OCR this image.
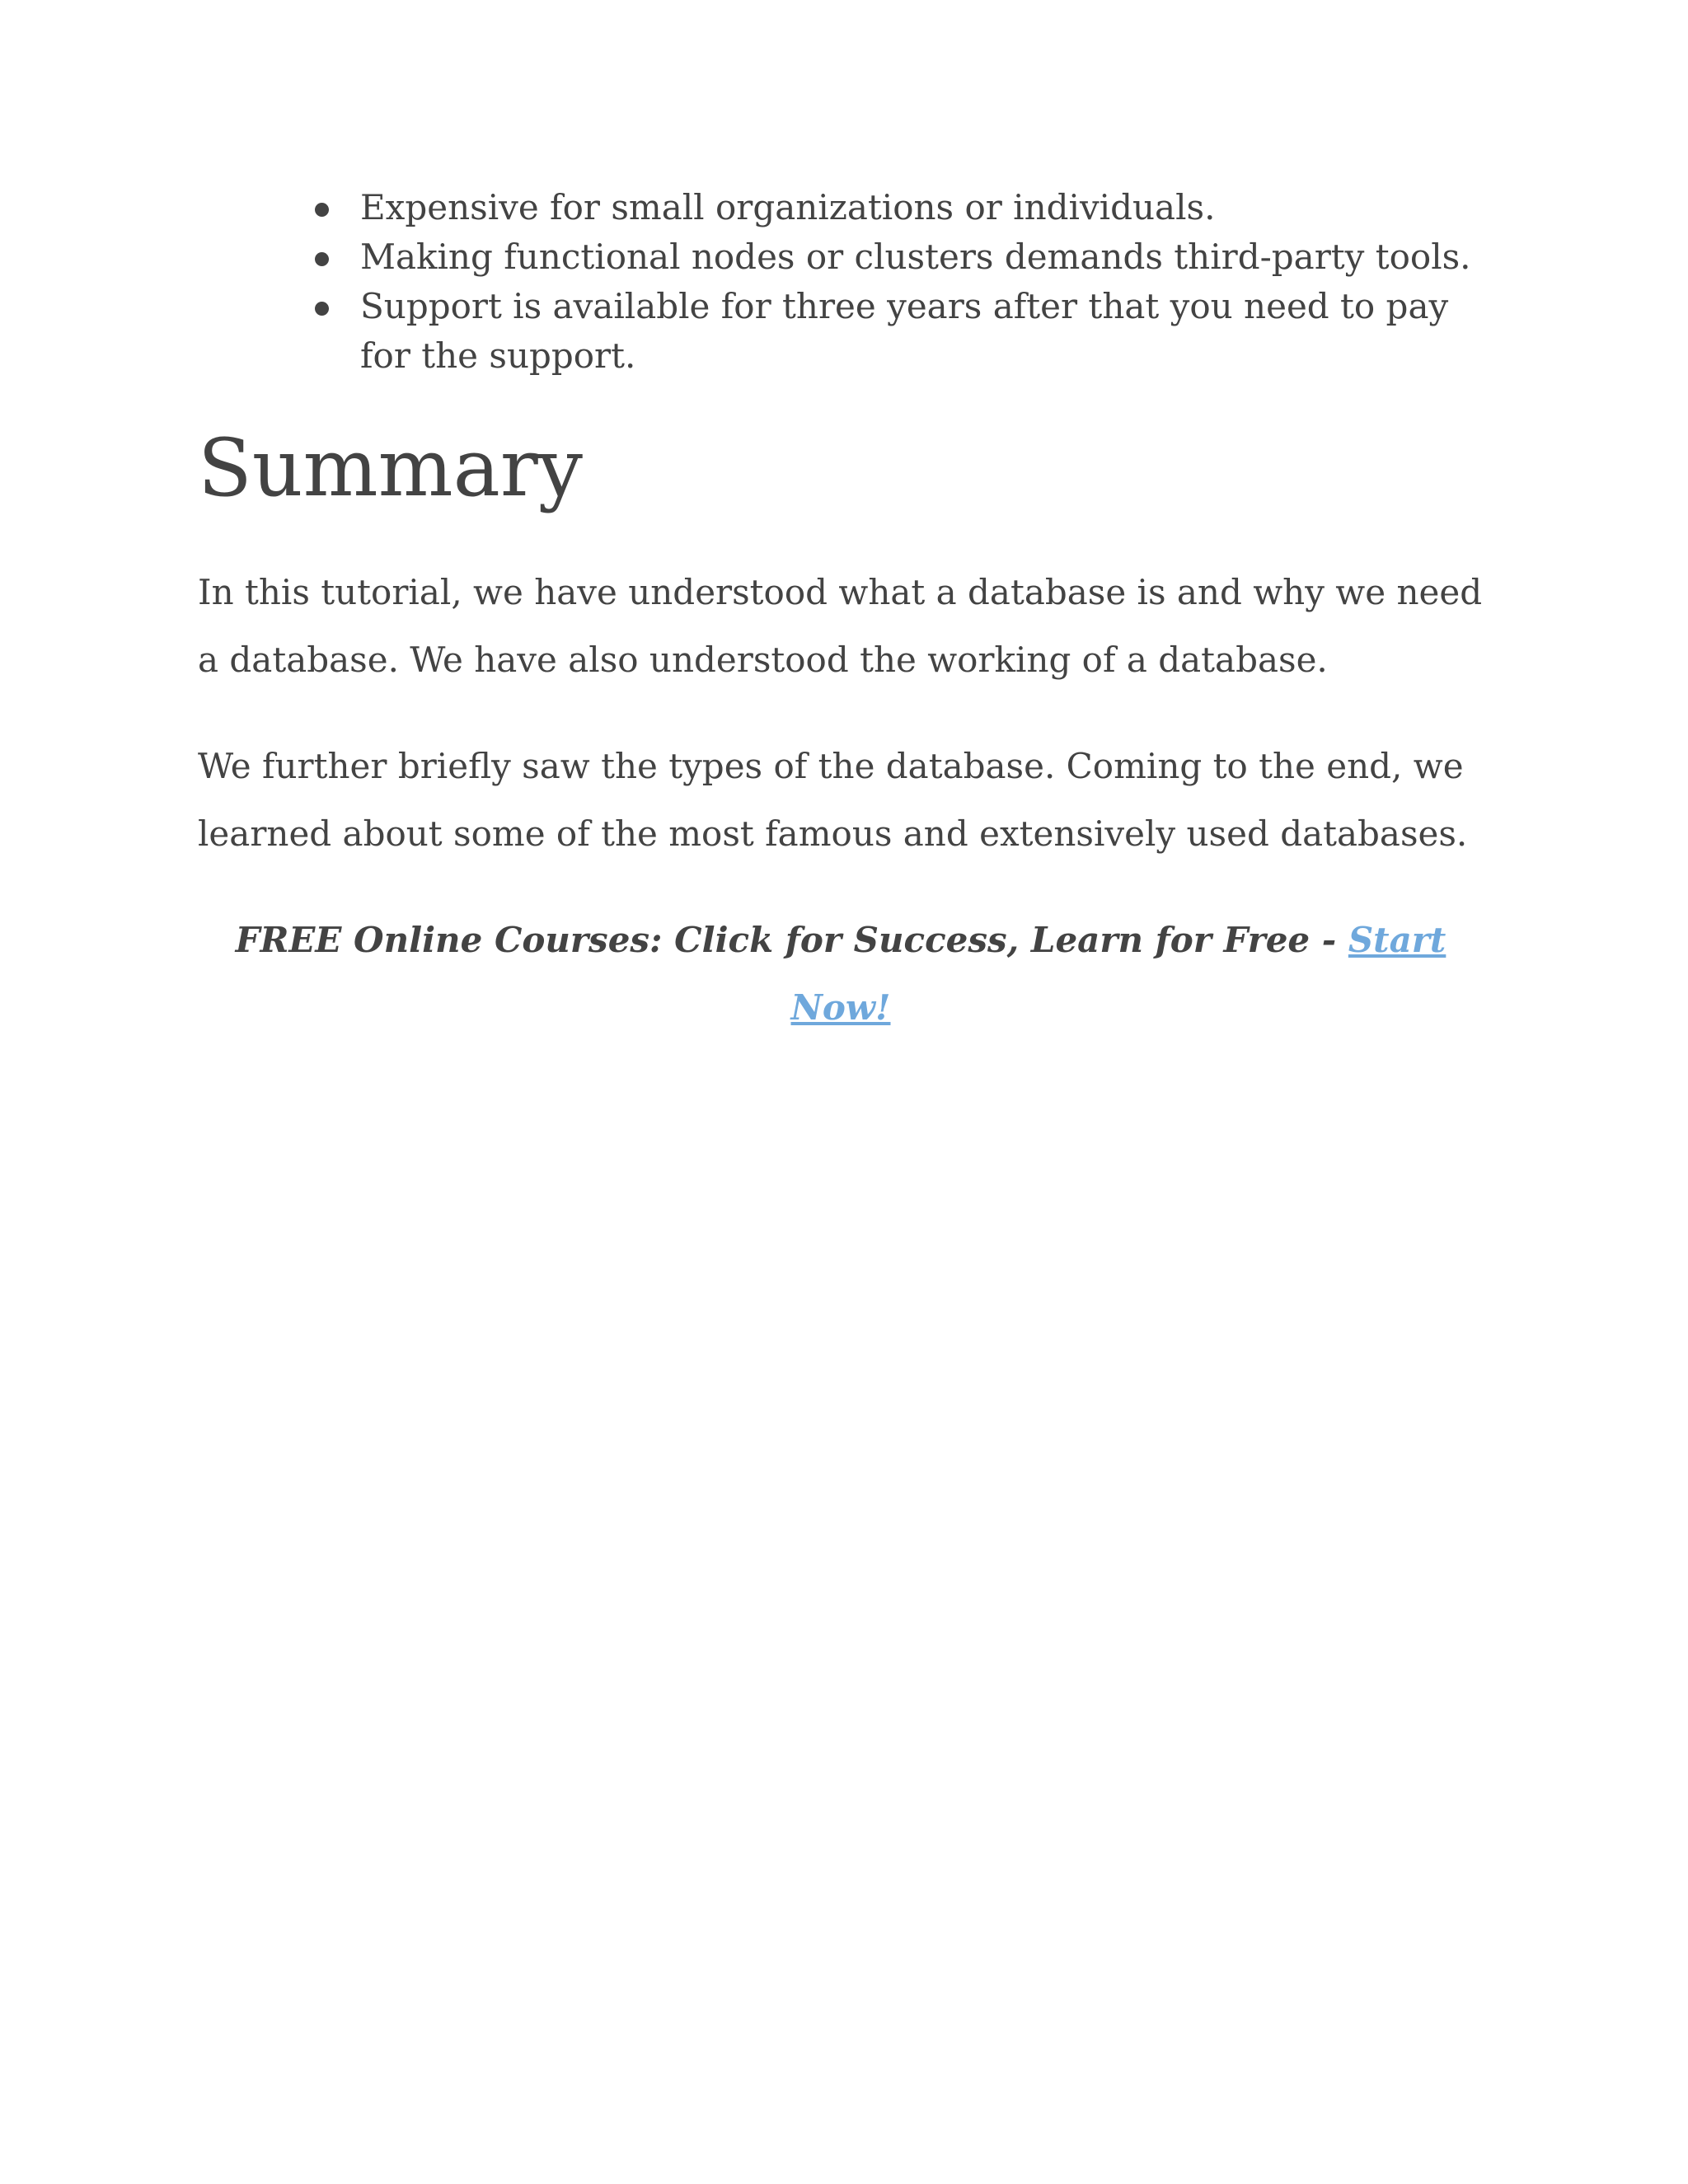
Expensive for small organizations or individuals.
Making functional nodes or clusters demands third-party tools.
Support is available for three years after that you need to pay for the support.
Summary

In this tutorial, we have understood what a database is and why we need a database. We have also understood the working of a database.

We further briefly saw the types of the database. Coming to the end, we learned about some of the most famous and extensively used databases.

FREE Online Courses: Click for Success, Learn for Free - Start Now!
